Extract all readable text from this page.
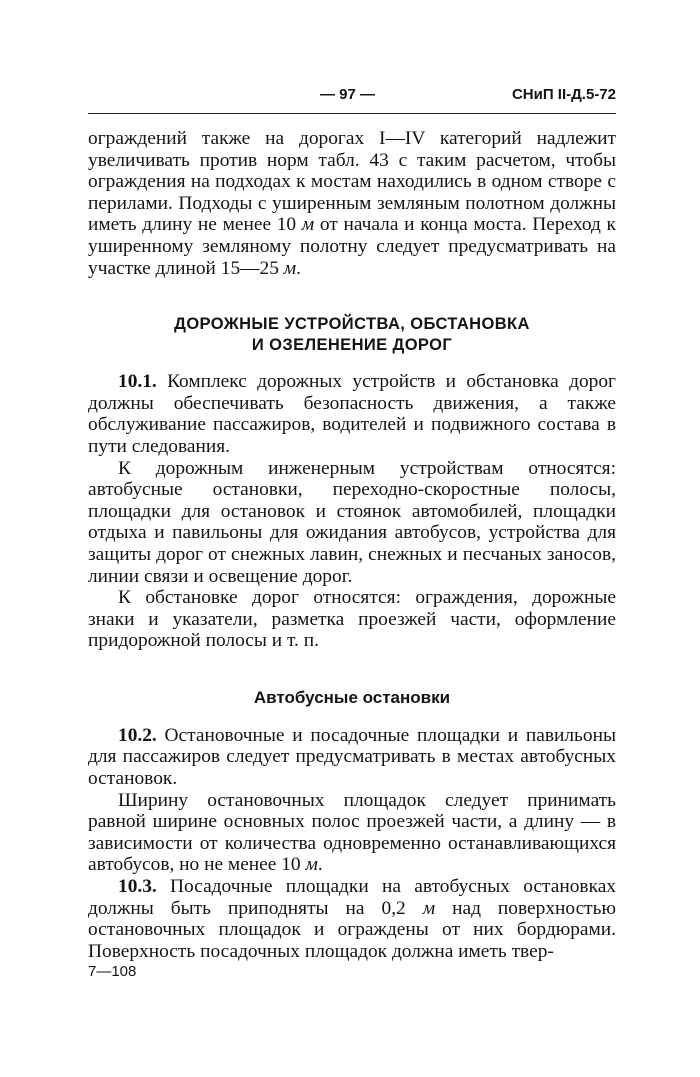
— 97 —	СНиП II-Д.5-72

ограждений также на дорогах I—IV категорий надлежит увеличивать против норм табл. 43 с таким расчетом, чтобы ограждения на подходах к мостам находились в одном створе с перилами. Подходы с уширенным земляным полотном должны иметь длину не менее 10 м от начала и конца моста. Переход к уширенному земляному полотну следует предусматривать на участке длиной 15—25 м.

ДОРОЖНЫЕ УСТРОЙСТВА, ОБСТАНОВКА
И ОЗЕЛЕНЕНИЕ ДОРОГ

10.1. Комплекс дорожных устройств и обстановка дорог должны обеспечивать безопасность движения, а также обслуживание пассажиров, водителей и подвижного состава в пути следования.

К дорожным инженерным устройствам относятся: автобусные остановки, переходно-скоростные полосы, площадки для остановок и стоянок автомобилей, площадки отдыха и павильоны для ожидания автобусов, устройства для защиты дорог от снежных лавин, снежных и песчаных заносов, линии связи и освещение дорог.

К обстановке дорог относятся: ограждения, дорожные знаки и указатели, разметка проезжей части, оформление придорожной полосы и т. п.

Автобусные остановки

10.2. Остановочные и посадочные площадки и павильоны для пассажиров следует предусматривать в местах автобусных остановок.

Ширину остановочных площадок следует принимать равной ширине основных полос проезжей части, а длину — в зависимости от количества одновременно останавливающихся автобусов, но не менее 10 м.

10.3. Посадочные площадки на автобусных остановках должны быть приподняты на 0,2 м над поверхностью остановочных площадок и ограждены от них бордюрами. Поверхность посадочных площадок должна иметь твер-

7—108
